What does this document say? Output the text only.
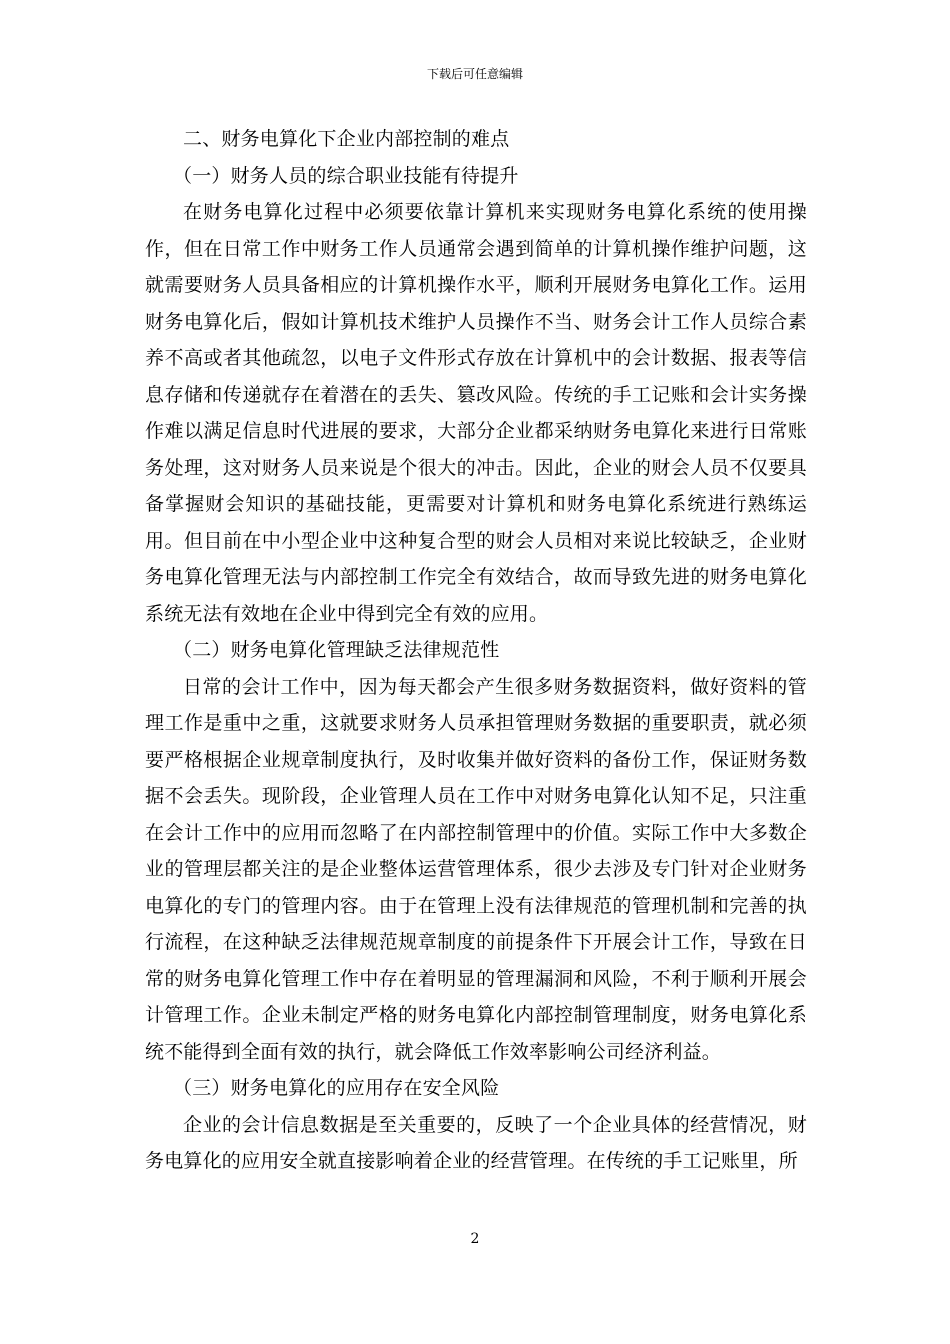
下载后可任意编辑

二、财务电算化下企业内部控制的难点

（一）财务人员的综合职业技能有待提升

在财务电算化过程中必须要依靠计算机来实现财务电算化系统的使用操作，但在日常工作中财务工作人员通常会遇到简单的计算机操作维护问题，这就需要财务人员具备相应的计算机操作水平，顺利开展财务电算化工作。运用财务电算化后，假如计算机技术维护人员操作不当、财务会计工作人员综合素养不高或者其他疏忽，以电子文件形式存放在计算机中的会计数据、报表等信息存储和传递就存在着潜在的丢失、篡改风险。传统的手工记账和会计实务操作难以满足信息时代进展的要求，大部分企业都采纳财务电算化来进行日常账务处理，这对财务人员来说是个很大的冲击。因此，企业的财会人员不仅要具备掌握财会知识的基础技能，更需要对计算机和财务电算化系统进行熟练运用。但目前在中小型企业中这种复合型的财会人员相对来说比较缺乏，企业财务电算化管理无法与内部控制工作完全有效结合，故而导致先进的财务电算化系统无法有效地在企业中得到完全有效的应用。

（二）财务电算化管理缺乏法律规范性

日常的会计工作中，因为每天都会产生很多财务数据资料，做好资料的管理工作是重中之重，这就要求财务人员承担管理财务数据的重要职责，就必须要严格根据企业规章制度执行，及时收集并做好资料的备份工作，保证财务数据不会丢失。现阶段，企业管理人员在工作中对财务电算化认知不足，只注重在会计工作中的应用而忽略了在内部控制管理中的价值。实际工作中大多数企业的管理层都关注的是企业整体运营管理体系，很少去涉及专门针对企业财务电算化的专门的管理内容。由于在管理上没有法律规范的管理机制和完善的执行流程，在这种缺乏法律规范规章制度的前提条件下开展会计工作，导致在日常的财务电算化管理工作中存在着明显的管理漏洞和风险，不利于顺利开展会计管理工作。企业未制定严格的财务电算化内部控制管理制度，财务电算化系统不能得到全面有效的执行，就会降低工作效率影响公司经济利益。

（三）财务电算化的应用存在安全风险

企业的会计信息数据是至关重要的，反映了一个企业具体的经营情况，财务电算化的应用安全就直接影响着企业的经营管理。在传统的手工记账里，所

2
